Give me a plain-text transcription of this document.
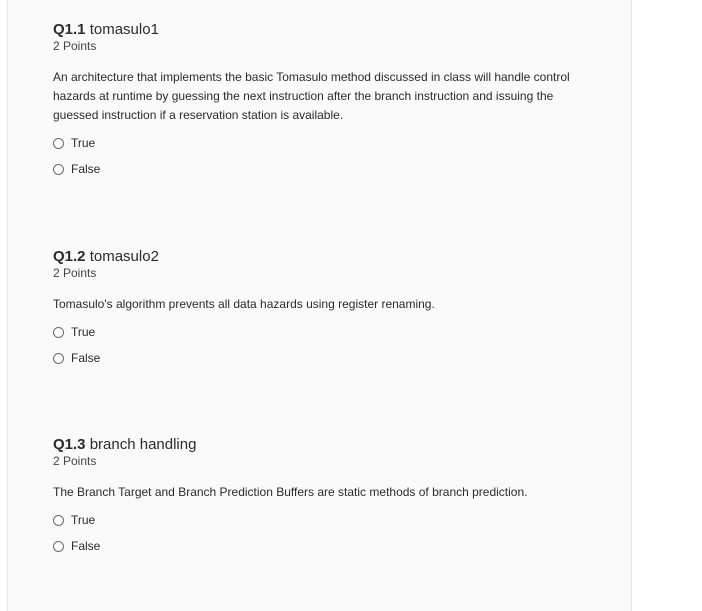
Q1.1 tomasulo1
2 Points
An architecture that implements the basic Tomasulo method discussed in class will handle control hazards at runtime by guessing the next instruction after the branch instruction and issuing the guessed instruction if a reservation station is available.
True
False
Q1.2 tomasulo2
2 Points
Tomasulo's algorithm prevents all data hazards using register renaming.
True
False
Q1.3 branch handling
2 Points
The Branch Target and Branch Prediction Buffers are static methods of branch prediction.
True
False
